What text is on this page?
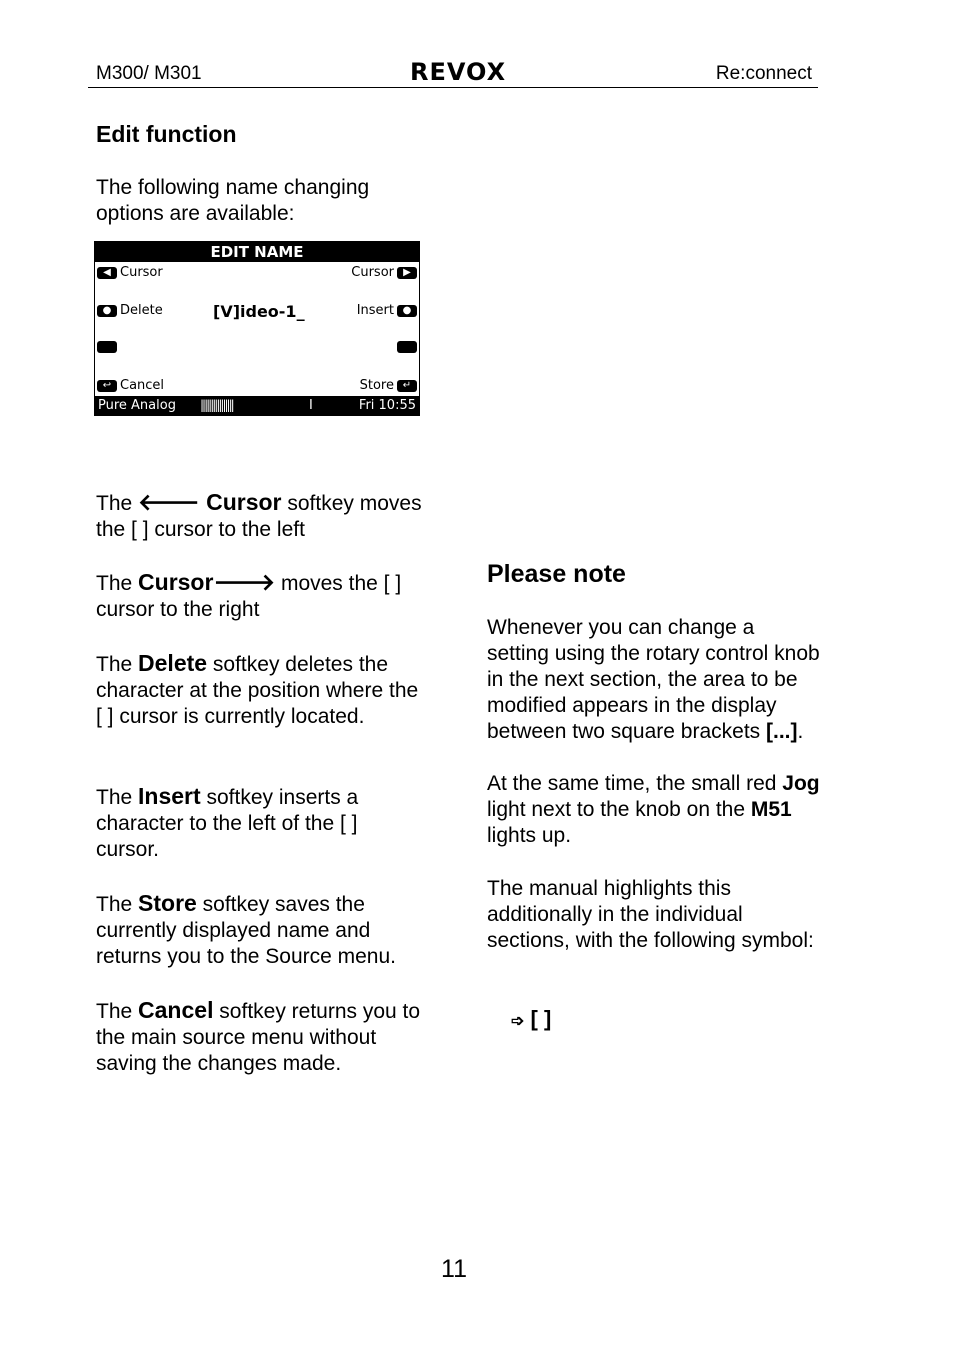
M300/ M301	REVOX	Re:connect
Edit function
The following name changing options are available:
EDIT NAME
◀ Cursor	Cursor ▶
● Delete	[V]ideo-1_	Insert ●
↩ Cancel	Store ↵
Pure Analog ||||||||||||||||	I	Fri 10:55
The 🡐 Cursor softkey moves the [ ] cursor to the left
The Cursor🡒 moves the [ ] cursor to the right
The Delete softkey deletes the character at the position where the [ ] cursor is currently located.
The Insert softkey inserts a character to the left of the [ ] cursor.
The Store softkey saves the currently displayed name and returns you to the Source menu.
The Cancel softkey returns you to the main source menu without saving the changes made.
Please note
Whenever you can change a setting using the rotary control knob in the next section, the area to be modified appears in the display between two square brackets [...].
At the same time, the small red Jog light next to the knob on the M51 lights up.
The manual highlights this additionally in the individual sections, with the following symbol:
➩ [ ]
11
